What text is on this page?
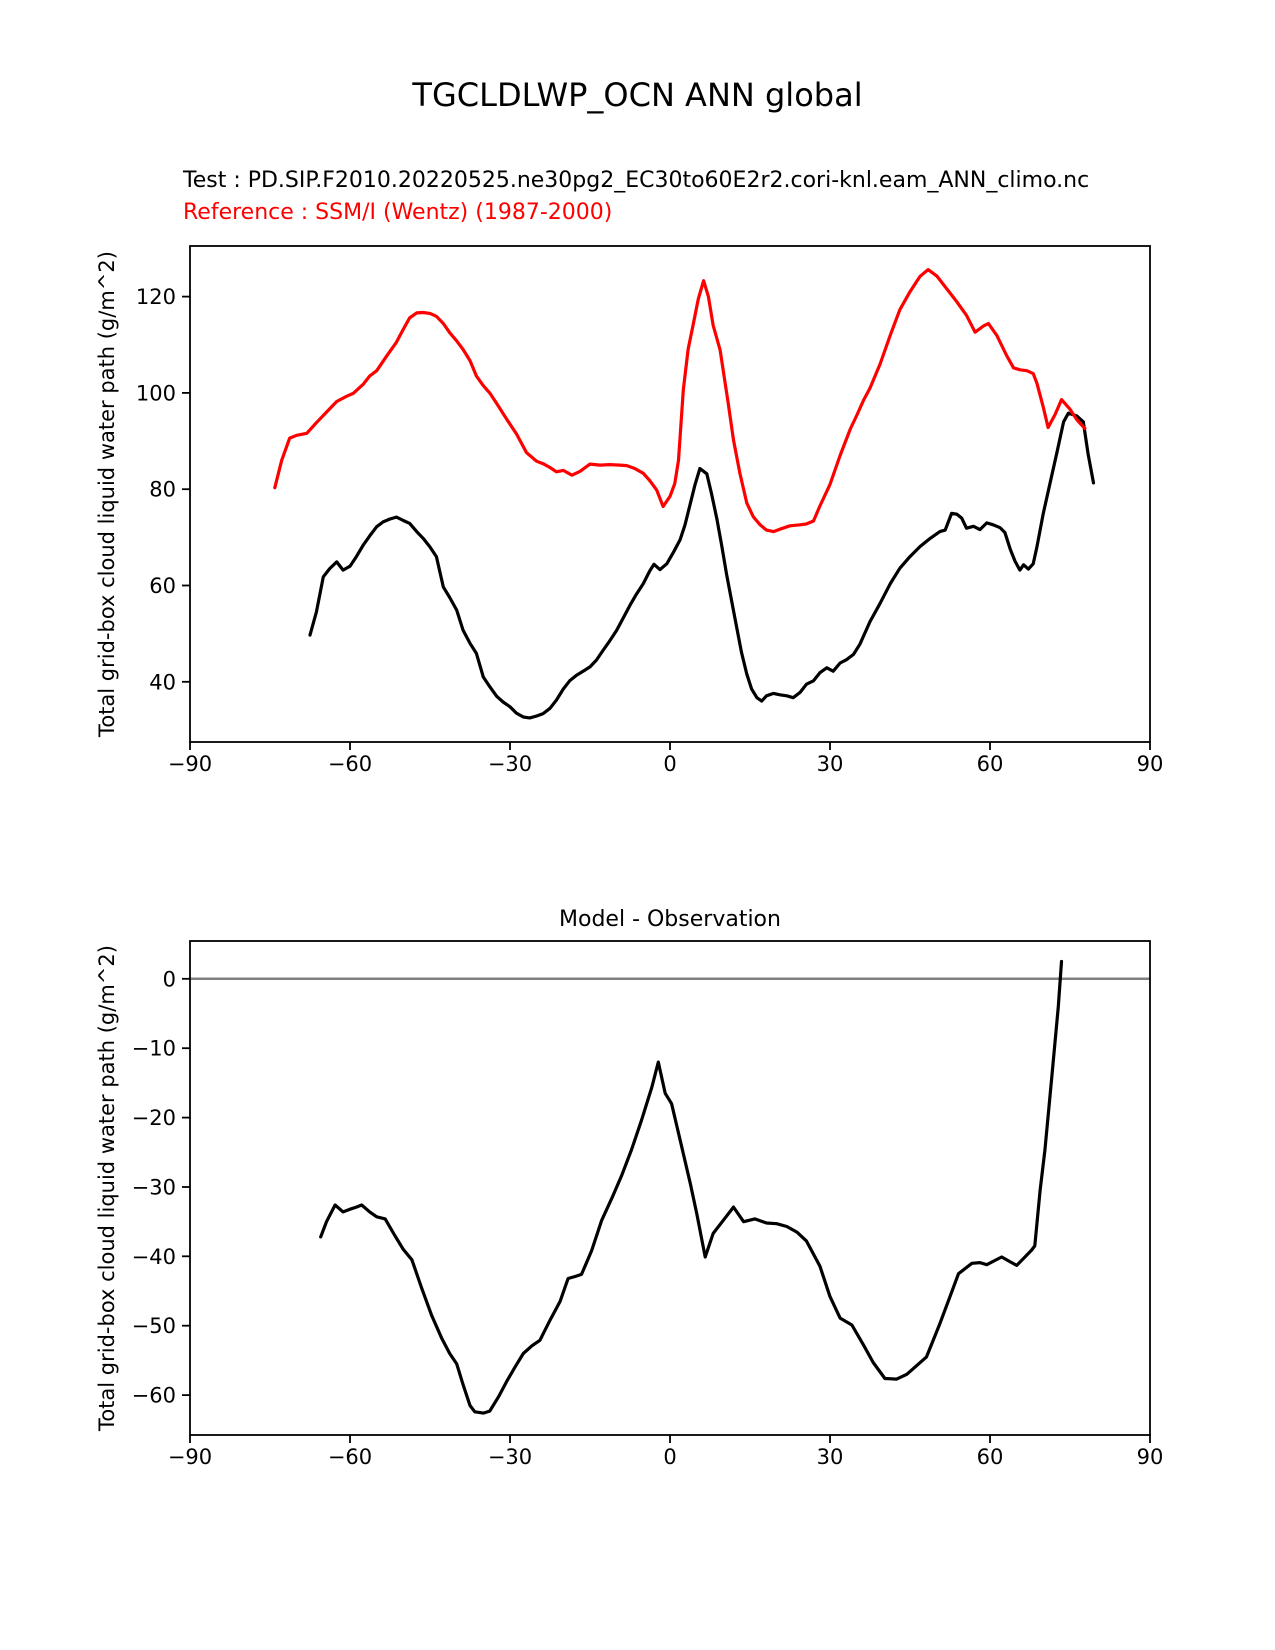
TGCLDLWP_OCN ANN global
Test : PD.SIP.F2010.20220525.ne30pg2_EC30to60E2r2.cori-knl.eam_ANN_climo.nc
Reference : SSM/I (Wentz) (1987-2000)
Model - Observation
−90	−60	−30	0	30	60	90
40
60
80
100
120
Total grid-box cloud liquid water path (g/m^2)
−90	−60	−30	0	30	60	90
0
−10
−20
−30
−40
−50
−60
Total grid-box cloud liquid water path (g/m^2)
